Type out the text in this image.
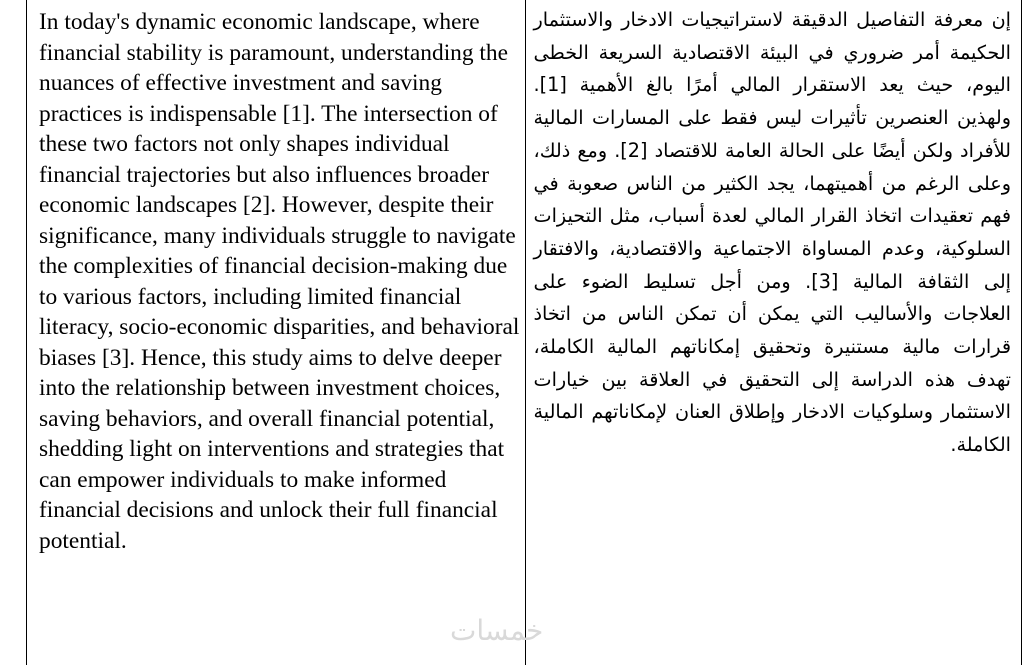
In today's dynamic economic landscape, where financial stability is paramount, understanding the nuances of effective investment and saving practices is indispensable [1]. The intersection of these two factors not only shapes individual financial trajectories but also influences broader economic landscapes [2]. However, despite their significance, many individuals struggle to navigate the complexities of financial decision-making due to various factors, including limited financial literacy, socio-economic disparities, and behavioral biases [3]. Hence, this study aims to delve deeper into the relationship between investment choices, saving behaviors, and overall financial potential, shedding light on interventions and strategies that can empower individuals to make informed financial decisions and unlock their full financial potential.
إن معرفة التفاصيل الدقيقة لاستراتيجيات الادخار والاستثمار الحكيمة أمر ضروري في البيئة الاقتصادية السريعة الخطى اليوم، حيث يعد الاستقرار المالي أمرًا بالغ الأهمية [1]. ولهذين العنصرين تأثيرات ليس فقط على المسارات المالية للأفراد ولكن أيضًا على الحالة العامة للاقتصاد [2]. ومع ذلك، وعلى الرغم من أهميتهما، يجد الكثير من الناس صعوبة في فهم تعقيدات اتخاذ القرار المالي لعدة أسباب، مثل التحيزات السلوكية، وعدم المساواة الاجتماعية والاقتصادية، والافتقار إلى الثقافة المالية [3]. ومن أجل تسليط الضوء على العلاجات والأساليب التي يمكن أن تمكن الناس من اتخاذ قرارات مالية مستنيرة وتحقيق إمكاناتهم المالية الكاملة، تهدف هذه الدراسة إلى التحقيق في العلاقة بين خيارات الاستثمار وسلوكيات الادخار وإطلاق العنان لإمكاناتهم المالية الكاملة.
خمسات
